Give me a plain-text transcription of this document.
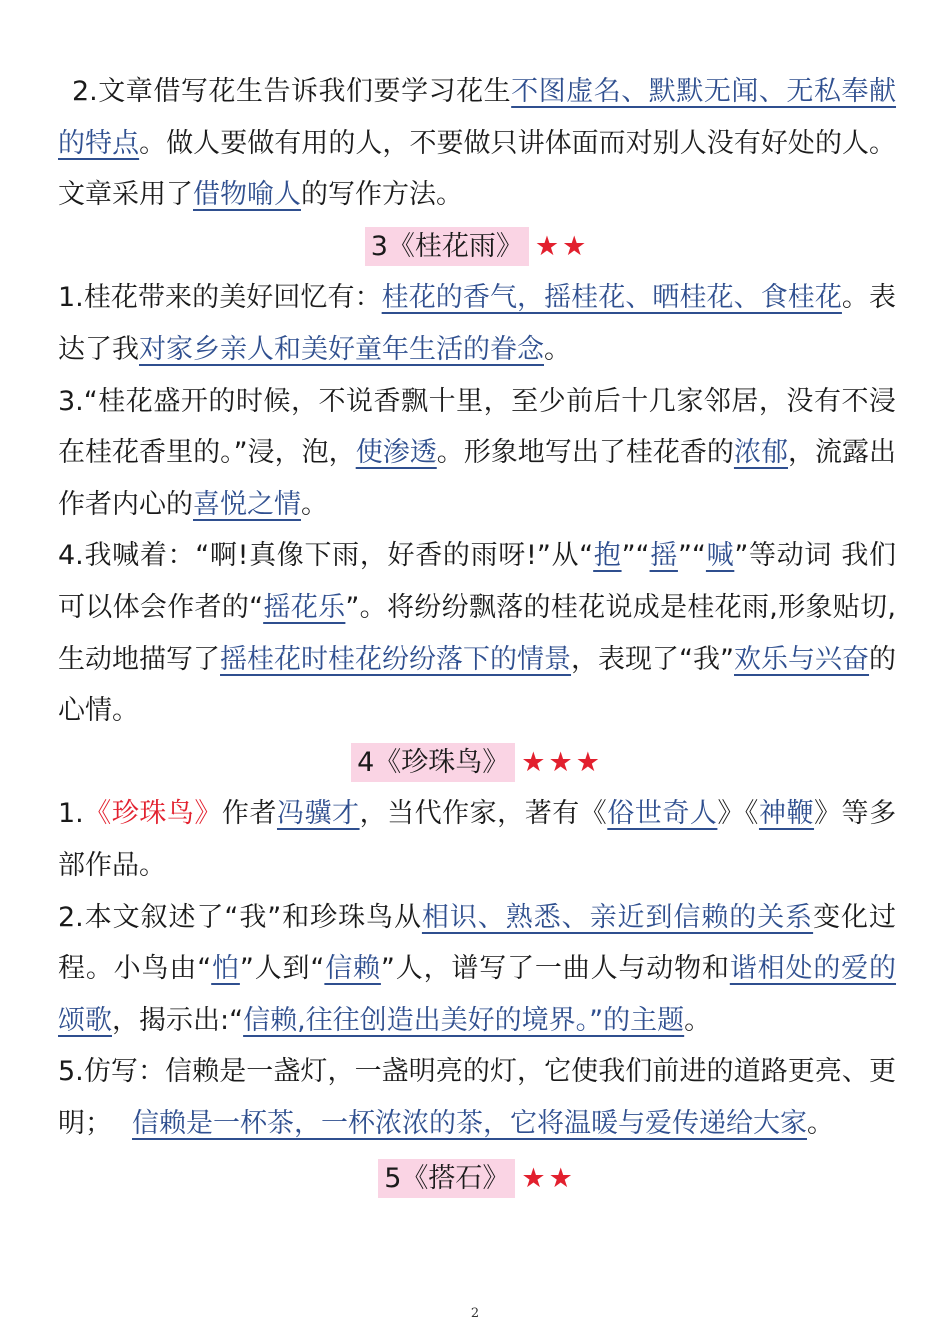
2.文章借写花生告诉我们要学习花生不图虚名、默默无闻、无私奉献的特点。做人要做有用的人，不要做只讲体面而对别人没有好处的人。文章采用了借物喻人的写作方法。

3《桂花雨》 ★★

1.桂花带来的美好回忆有：桂花的香气，摇桂花、晒桂花、食桂花。表达了我对家乡亲人和美好童年生活的眷念。

3.“桂花盛开的时候，不说香飘十里，至少前后十几家邻居，没有不浸在桂花香里的。”浸，泡，使渗透。形象地写出了桂花香的浓郁，流露出作者内心的喜悦之情。

4.我喊着：“啊!真像下雨，好香的雨呀!”从“抱”“摇”“喊”等动词 我们可以体会作者的“摇花乐”。将纷纷飘落的桂花说成是桂花雨,形象贴切,生动地描写了摇桂花时桂花纷纷落下的情景，表现了“我”欢乐与兴奋的心情。

4《珍珠鸟》 ★★★

1.《珍珠鸟》作者冯骥才，当代作家，著有《俗世奇人》《神鞭》等多部作品。

2.本文叙述了“我”和珍珠鸟从相识、熟悉、亲近到信赖的关系变化过程。小鸟由“怕”人到“信赖”人，谱写了一曲人与动物和谐相处的爱的颂歌，揭示出:“信赖,往往创造出美好的境界。”的主题。

5.仿写：信赖是一盏灯，一盏明亮的灯，它使我们前进的道路更亮、更明； 信赖是一杯茶，一杯浓浓的茶，它将温暖与爱传递给大家。

5《搭石》 ★★

2
